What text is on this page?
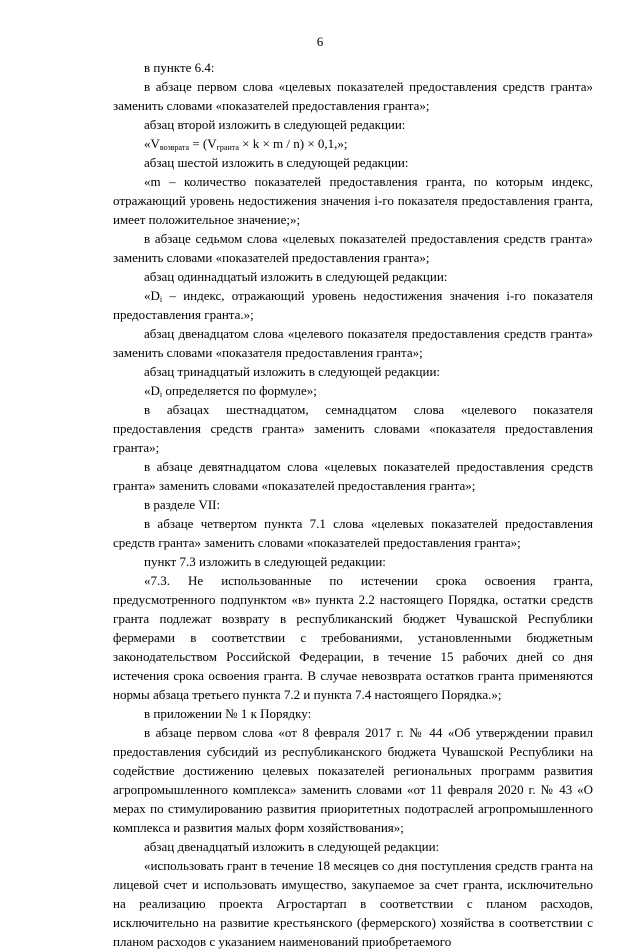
6

в пункте 6.4:

в абзаце первом слова «целевых показателей предоставления средств гранта» заменить словами «показателей предоставления гранта»;

абзац второй изложить в следующей редакции:

«$V_{возврата} = (V_{гранта} \times k \times m / n) \times 0,1$,»;

абзац шестой изложить в следующей редакции:

«m – количество показателей предоставления гранта, по которым индекс, отражающий уровень недостижения значения i-го показателя предоставления гранта, имеет положительное значение;»;

в абзаце седьмом слова «целевых показателей предоставления средств гранта» заменить словами «показателей предоставления гранта»;

абзац одиннадцатый изложить в следующей редакции:

«$D_i$ – индекс, отражающий уровень недостижения значения i-го показателя предоставления гранта.»;

абзац двенадцатом слова «целевого показателя предоставления средств гранта» заменить словами «показателя предоставления гранта»;

абзац тринадцатый изложить в следующей редакции:

«$D_i$ определяется по формуле»;

в абзацах шестнадцатом, семнадцатом слова «целевого показателя предоставления средств гранта» заменить словами «показателя предоставления гранта»;

в абзаце девятнадцатом слова «целевых показателей предоставления средств гранта» заменить словами «показателей предоставления гранта»;

в разделе VII:

в абзаце четвертом пункта 7.1 слова «целевых показателей предоставления средств гранта» заменить словами «показателей предоставления гранта»;

пункт 7.3 изложить в следующей редакции:

«7.3. Не использованные по истечении срока освоения гранта, предусмотренного подпунктом «в» пункта 2.2 настоящего Порядка, остатки средств гранта подлежат возврату в республиканский бюджет Чувашской Республики фермерами в соответствии с требованиями, установленными бюджетным законодательством Российской Федерации, в течение 15 рабочих дней со дня истечения срока освоения гранта. В случае невозврата остатков гранта применяются нормы абзаца третьего пункта 7.2 и пункта 7.4 настоящего Порядка.»;

в приложении № 1 к Порядку:

в абзаце первом слова «от 8 февраля 2017 г. № 44 «Об утверждении правил предоставления субсидий из республиканского бюджета Чувашской Республики на содействие достижению целевых показателей региональных программ развития агропромышленного комплекса» заменить словами «от 11 февраля 2020 г. № 43 «О мерах по стимулированию развития приоритетных подотраслей агропромышленного комплекса и развития малых форм хозяйствования»;

абзац двенадцатый изложить в следующей редакции:

«использовать грант в течение 18 месяцев со дня поступления средств гранта на лицевой счет и использовать имущество, закупаемое за счет гранта, исключительно на реализацию проекта Агростартап в соответствии с планом расходов, исключительно на развитие крестьянского (фермерского) хозяйства в соответствии с планом расходов с указанием наименований приобретаемого
